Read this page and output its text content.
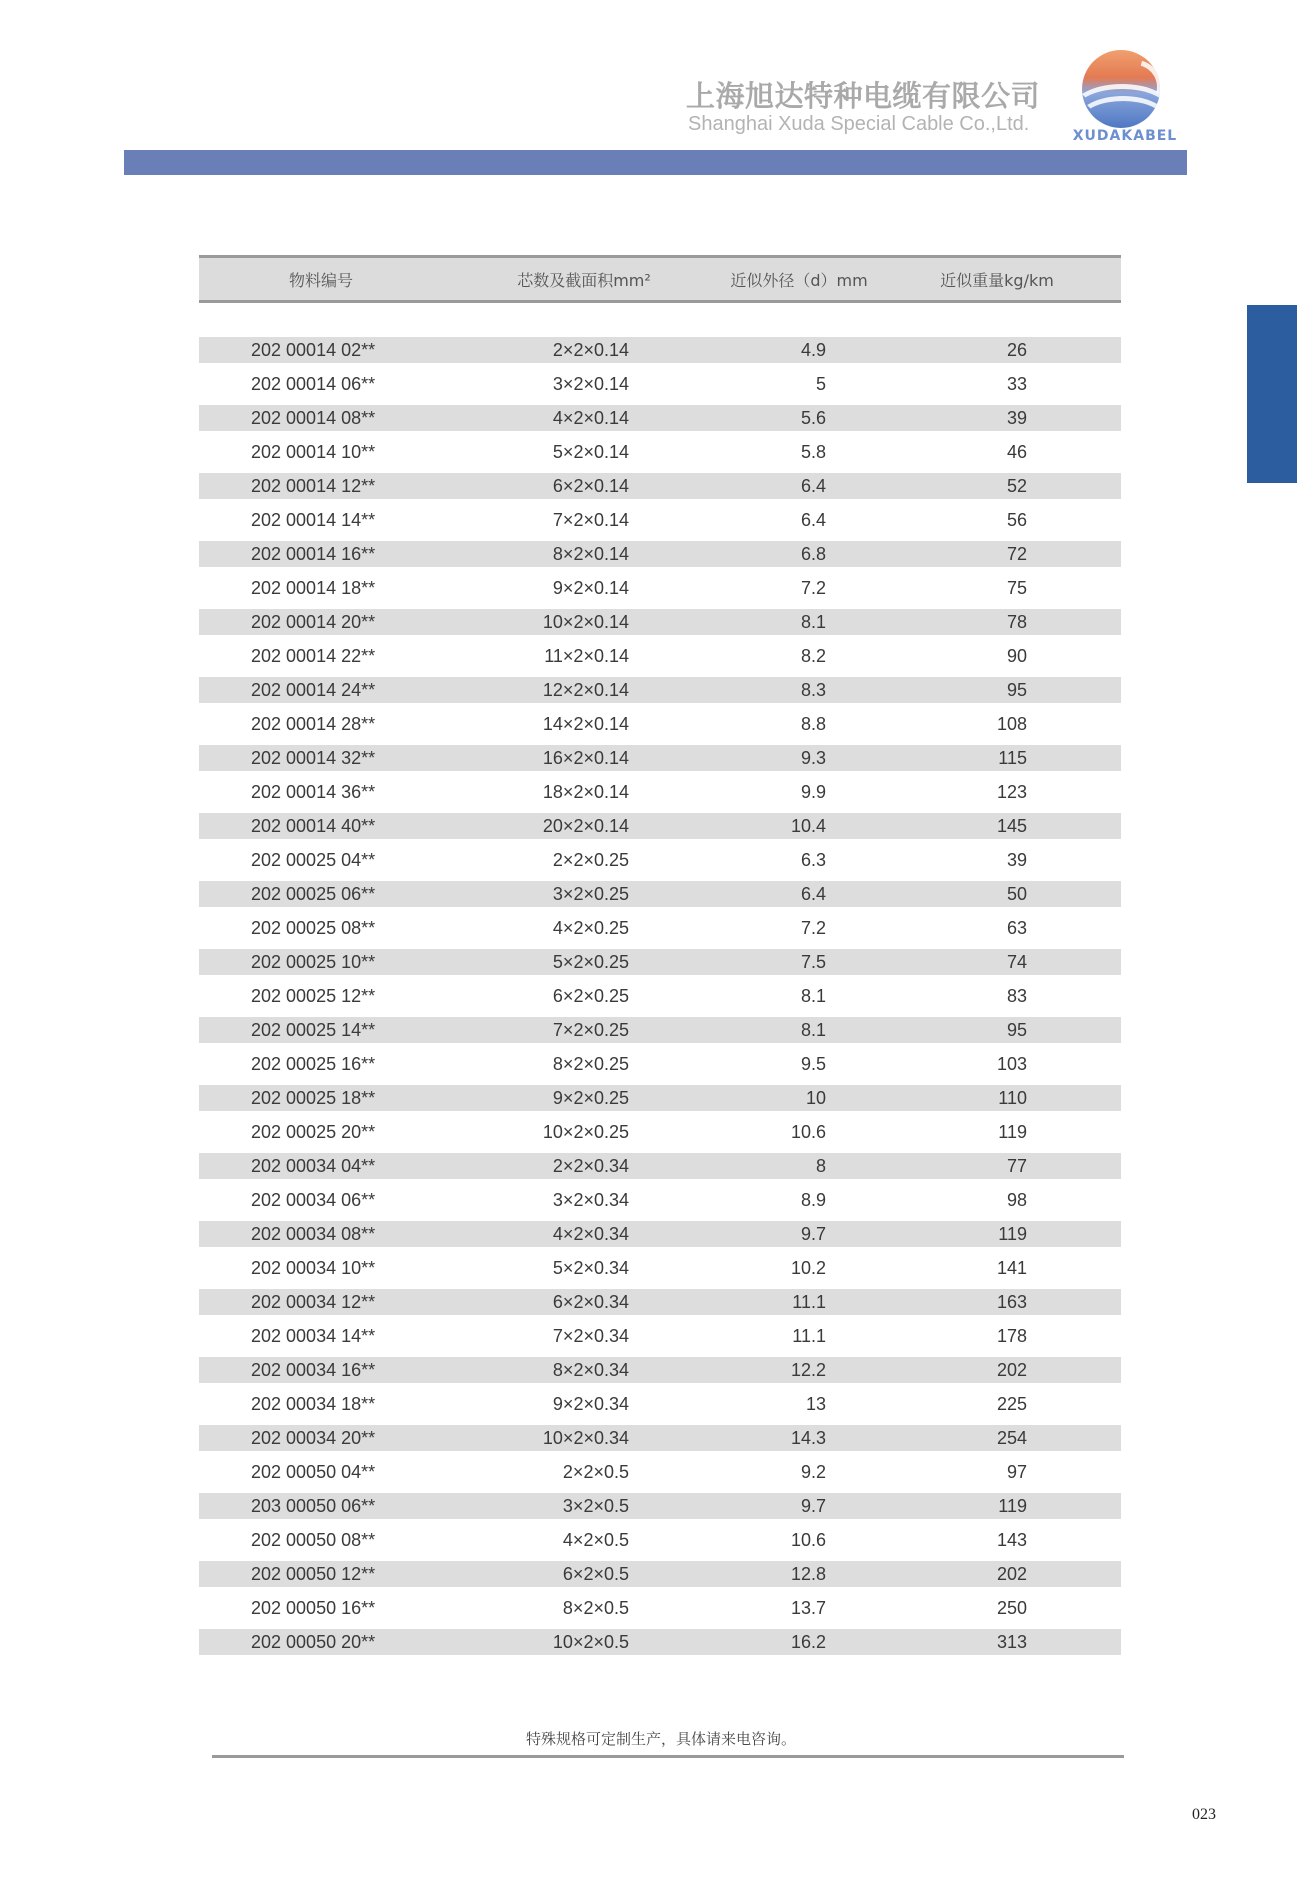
上海旭达特种电缆有限公司
Shanghai Xuda Special Cable Co.,Ltd.
XUDAKABEL
物料编号	芯数及截面积mm²	近似外径（d）mm	近似重量kg/km
202 00014 02**	2×2×0.14	4.9	26
202 00014 06**	3×2×0.14	5	33
202 00014 08**	4×2×0.14	5.6	39
202 00014 10**	5×2×0.14	5.8	46
202 00014 12**	6×2×0.14	6.4	52
202 00014 14**	7×2×0.14	6.4	56
202 00014 16**	8×2×0.14	6.8	72
202 00014 18**	9×2×0.14	7.2	75
202 00014 20**	10×2×0.14	8.1	78
202 00014 22**	11×2×0.14	8.2	90
202 00014 24**	12×2×0.14	8.3	95
202 00014 28**	14×2×0.14	8.8	108
202 00014 32**	16×2×0.14	9.3	115
202 00014 36**	18×2×0.14	9.9	123
202 00014 40**	20×2×0.14	10.4	145
202 00025 04**	2×2×0.25	6.3	39
202 00025 06**	3×2×0.25	6.4	50
202 00025 08**	4×2×0.25	7.2	63
202 00025 10**	5×2×0.25	7.5	74
202 00025 12**	6×2×0.25	8.1	83
202 00025 14**	7×2×0.25	8.1	95
202 00025 16**	8×2×0.25	9.5	103
202 00025 18**	9×2×0.25	10	110
202 00025 20**	10×2×0.25	10.6	119
202 00034 04**	2×2×0.34	8	77
202 00034 06**	3×2×0.34	8.9	98
202 00034 08**	4×2×0.34	9.7	119
202 00034 10**	5×2×0.34	10.2	141
202 00034 12**	6×2×0.34	11.1	163
202 00034 14**	7×2×0.34	11.1	178
202 00034 16**	8×2×0.34	12.2	202
202 00034 18**	9×2×0.34	13	225
202 00034 20**	10×2×0.34	14.3	254
202 00050 04**	2×2×0.5	9.2	97
203 00050 06**	3×2×0.5	9.7	119
202 00050 08**	4×2×0.5	10.6	143
202 00050 12**	6×2×0.5	12.8	202
202 00050 16**	8×2×0.5	13.7	250
202 00050 20**	10×2×0.5	16.2	313
特殊规格可定制生产，具体请来电咨询。
023
